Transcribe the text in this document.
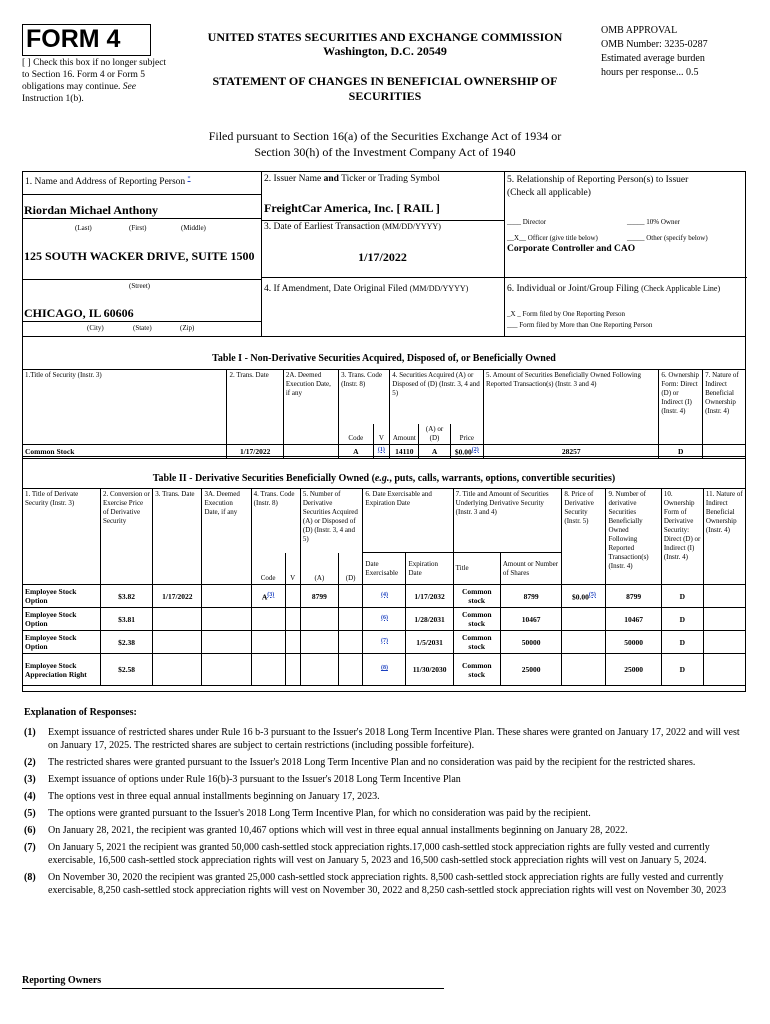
FORM 4
[ ] Check this box if no longer subject to Section 16. Form 4 or Form 5 obligations may continue. See Instruction 1(b).
UNITED STATES SECURITIES AND EXCHANGE COMMISSION
Washington, D.C. 20549
STATEMENT OF CHANGES IN BENEFICIAL OWNERSHIP OF SECURITIES
OMB APPROVAL
OMB Number: 3235-0287
Estimated average burden
hours per response... 0.5
Filed pursuant to Section 16(a) of the Securities Exchange Act of 1934 or
Section 30(h) of the Investment Company Act of 1940
1. Name and Address of Reporting Person *
Riordan Michael Anthony
(Last)	(First)	(Middle)
125 SOUTH WACKER DRIVE, SUITE 1500
(Street)
CHICAGO, IL 60606
(City)	(State)	(Zip)
2. Issuer Name and Ticker or Trading Symbol
FreightCar America, Inc. [ RAIL ]
3. Date of Earliest Transaction (MM/DD/YYYY)
1/17/2022
4. If Amendment, Date Original Filed (MM/DD/YYYY)
5. Relationship of Reporting Person(s) to Issuer
(Check all applicable)
____ Director	_____ 10% Owner
__X__ Officer (give title below)	_____ Other (specify below)
Corporate Controller and CAO
6. Individual or Joint/Group Filing (Check Applicable Line)
_X _ Form filed by One Reporting Person
___ Form filed by More than One Reporting Person
Table I - Non-Derivative Securities Acquired, Disposed of, or Beneficially Owned
1.Title of Security (Instr. 3)	2. Trans. Date	2A. Deemed Execution Date, if any	3. Trans. Code (Instr. 8)		4. Securities Acquired (A) or Disposed of (D) (Instr. 3, 4 and 5)			5. Amount of Securities Beneficially Owned Following Reported Transaction(s) (Instr. 3 and 4)	6. Ownership Form: Direct (D) or Indirect (I) (Instr. 4)	7. Nature of Indirect Beneficial Ownership (Instr. 4)
			Code	V	Amount	(A) or (D)	Price			
Common Stock	1/17/2022		A	$^{(1)}$	14110	A	$0.00$^{(2)}$	28257	D	
Table II - Derivative Securities Beneficially Owned (e.g., puts, calls, warrants, options, convertible securities)
1. Title of Derivate Security (Instr. 3)	2. Conversion or Exercise Price of Derivative Security	3. Trans. Date	3A. Deemed Execution Date, if any	4. Trans. Code (Instr. 8)		5. Number of Derivative Securities Acquired (A) or Disposed of (D) (Instr. 3, 4 and 5)		6. Date Exercisable and Expiration Date		7. Title and Amount of Securities Underlying Derivative Security (Instr. 3 and 4)		8. Price of Derivative Security (Instr. 5)	9. Number of derivative Securities Beneficially Owned Following Reported Transaction(s) (Instr. 4)	10. Ownership Form of Derivative Security: Direct (D) or Indirect (I) (Instr. 4)	11. Nature of Indirect Beneficial Ownership (Instr. 4)
				Code	V	(A)	(D)	Date Exercisable	Expiration Date	Title	Amount or Number of Shares				
Employee Stock Option	$3.82	1/17/2022		A$^{(3)}$		8799		$^{(4)}$	1/17/2032	Common stock	8799	$0.00$^{(5)}$	8799	D	
Employee Stock Option	$3.81							$^{(6)}$	1/28/2031	Common stock	10467		10467	D	
Employee Stock Option	$2.38							$^{(7)}$	1/5/2031	Common stock	50000		50000	D	
Employee Stock Appreciation Right	$2.58							$^{(8)}$	11/30/2030	Common stock	25000		25000	D	
Explanation of Responses:
(1) Exempt issuance of restricted shares under Rule 16 b-3 pursuant to the Issuer's 2018 Long Term Incentive Plan. These shares were granted on January 17, 2022 and will vest on January 17, 2025. The restricted shares are subject to certain restrictions (including possible forfeiture).
(2) The restricted shares were granted pursuant to the Issuer's 2018 Long Term Incentive Plan and no consideration was paid by the recipient for the restricted shares.
(3) Exempt issuance of options under Rule 16(b)-3 pursuant to the Issuer's 2018 Long Term Incentive Plan
(4) The options vest in three equal annual installments beginning on January 17, 2023.
(5) The options were granted pursuant to the Issuer's 2018 Long Term Incentive Plan, for which no consideration was paid by the recipient.
(6) On January 28, 2021, the recipient was granted 10,467 options which will vest in three equal annual installments beginning on January 28, 2022.
(7) On January 5, 2021 the recipient was granted 50,000 cash-settled stock appreciation rights.17,000 cash-settled stock appreciation rights are fully vested and currently exercisable, 16,500 cash-settled stock appreciation rights will vest on January 5, 2023 and 16,500 cash-settled stock appreciation rights will vest on January 5, 2024.
(8) On November 30, 2020 the recipient was granted 25,000 cash-settled stock appreciation rights. 8,500 cash-settled stock appreciation rights are fully vested and currently exercisable, 8,250 cash-settled stock appreciation rights will vest on November 30, 2022 and 8,250 cash-settled stock appreciation rights will vest on November 30, 2023
Reporting Owners
